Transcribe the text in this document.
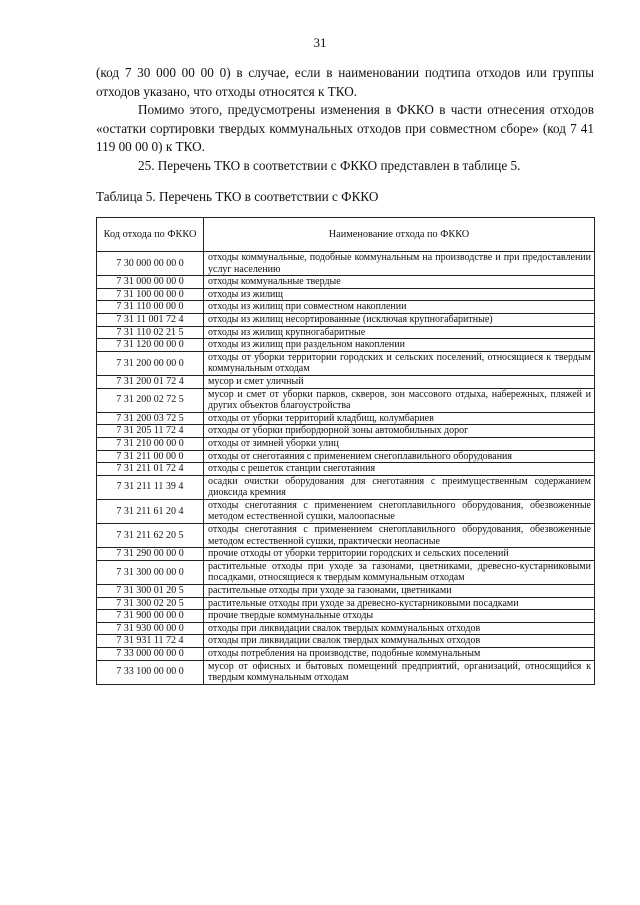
31

(код 7 30 000 00 00 0) в случае, если в наименовании подтипа отходов или группы отходов указано, что отходы относятся к ТКО.

Помимо этого, предусмотрены изменения в ФККО в части отнесения отходов «остатки сортировки твердых коммунальных отходов при совместном сборе» (код 7 41 119 00 00 0) к ТКО.

25. Перечень ТКО в соответствии с ФККО представлен в таблице 5.

Таблица 5. Перечень ТКО в соответствии с ФККО
Код отхода по ФККО	Наименование отхода по ФККО
7 30 000 00 00 0	отходы коммунальные, подобные коммунальным на производстве и при предоставлении услуг населению
7 31 000 00 00 0	отходы коммунальные твердые
7 31 100 00 00 0	отходы из жилищ
7 31 110 00 00 0	отходы из жилищ при совместном накоплении
7 31 11 001 72 4	отходы из жилищ несортированные (исключая крупногабаритные)
7 31 110 02 21 5	отходы из жилищ крупногабаритные
7 31 120 00 00 0	отходы из жилищ при раздельном накоплении
7 31 200 00 00 0	отходы от уборки территории городских и сельских поселений, относящиеся к твердым коммунальным отходам
7 31 200 01 72 4	мусор и смет уличный
7 31 200 02 72 5	мусор и смет от уборки парков, скверов, зон массового отдыха, набережных, пляжей и других объектов благоустройства
7 31 200 03 72 5	отходы от уборки территорий кладбищ, колумбариев
7 31 205 11 72 4	отходы от уборки прибордюрной зоны автомобильных дорог
7 31 210 00 00 0	отходы от зимней уборки улиц
7 31 211 00 00 0	отходы от снеготаяния с применением снегоплавильного оборудования
7 31 211 01 72 4	отходы с решеток станции снеготаяния
7 31 211 11 39 4	осадки очистки оборудования для снеготаяния с преимущественным содержанием диоксида кремния
7 31 211 61 20 4	отходы снеготаяния с применением снегоплавильного оборудования, обезвоженные методом естественной сушки, малоопасные
7 31 211 62 20 5	отходы снеготаяния с применением снегоплавильного оборудования, обезвоженные методом естественной сушки, практически неопасные
7 31 290 00 00 0	прочие отходы от уборки территории городских и сельских поселений
7 31 300 00 00 0	растительные отходы при уходе за газонами, цветниками, древесно-кустарниковыми посадками, относящиеся к твердым коммунальным отходам
7 31 300 01 20 5	растительные отходы при уходе за газонами, цветниками
7 31 300 02 20 5	растительные отходы при уходе за древесно-кустарниковыми посадками
7 31 900 00 00 0	прочие твердые коммунальные отходы
7 31 930 00 00 0	отходы при ликвидации свалок твердых коммунальных отходов
7 31 931 11 72 4	отходы при ликвидации свалок твердых коммунальных отходов
7 33 000 00 00 0	отходы потребления на производстве, подобные коммунальным
7 33 100 00 00 0	мусор от офисных и бытовых помещений предприятий, организаций, относящийся к твердым коммунальным отходам
